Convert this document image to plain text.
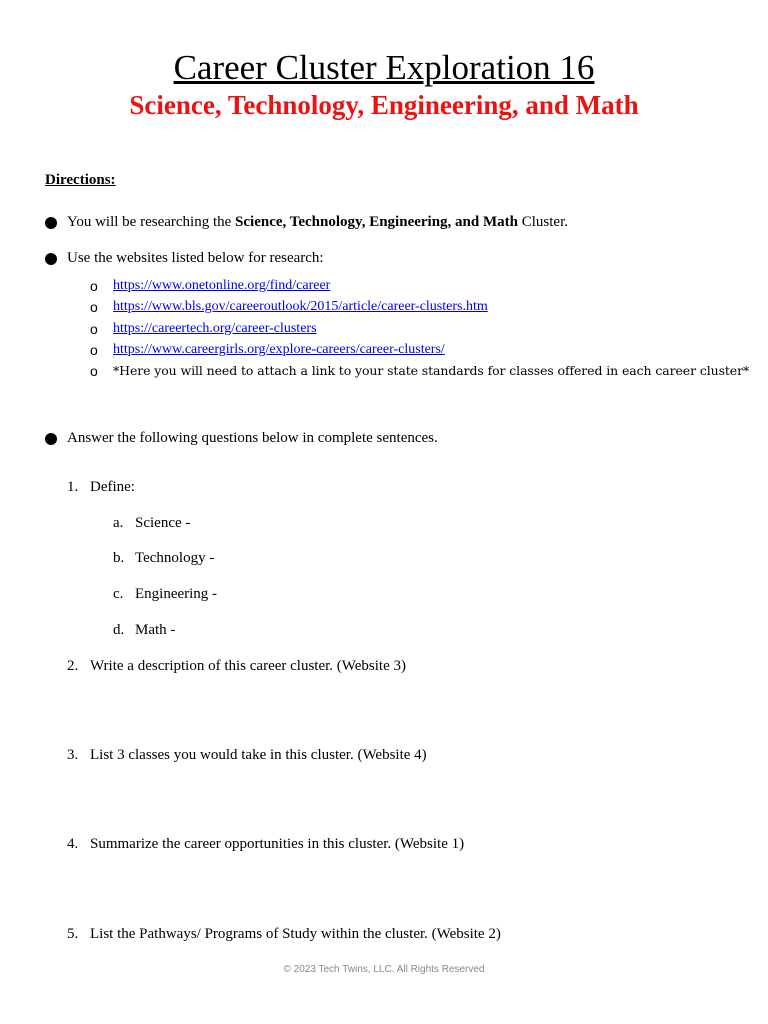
Career Cluster Exploration 16
Science, Technology, Engineering, and Math
Directions:
You will be researching the Science, Technology, Engineering, and Math Cluster.
Use the websites listed below for research:
o	https://www.onetonline.org/find/career
o	https://www.bls.gov/careeroutlook/2015/article/career-clusters.htm
o	https://careertech.org/career-clusters
o	https://www.careergirls.org/explore-careers/career-clusters/
o	*Here you will need to attach a link to your state standards for classes offered in each career cluster*
Answer the following questions below in complete sentences.
1. Define:
a. Science -
b. Technology -
c. Engineering -
d. Math -
2. Write a description of this career cluster. (Website 3)
3. List 3 classes you would take in this cluster. (Website 4)
4. Summarize the career opportunities in this cluster. (Website 1)
5. List the Pathways/ Programs of Study within the cluster. (Website 2)
© 2023 Tech Twins, LLC. All Rights Reserved
